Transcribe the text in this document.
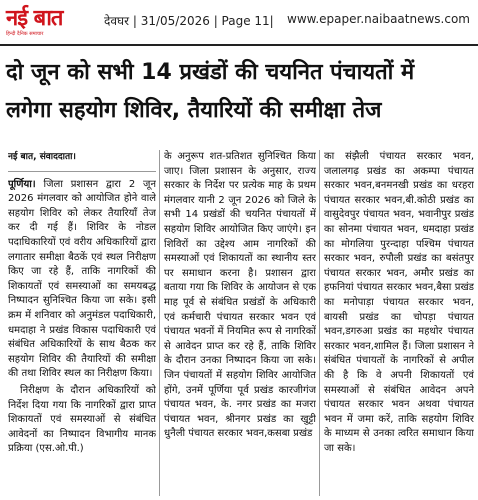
नई बात
हिन्दी दैनिक समाचार
देवघर | 31/05/2026 | Page 11| www.epaper.naibaatnews.com
दो जून को सभी 14 प्रखंडों की चयनित पंचायतों में
लगेगा सहयोग शिविर, तैयारियों की समीक्षा तेज
नई बात, संवाददाता।

पूर्णिया। जिला प्रशासन द्वारा 2 जून 2026 मंगलवार को आयोजित होने वाले सहयोग शिविर को लेकर तैयारियाँ तेज कर दी गई हैं। शिविर के नोडल पदाधिकारियों एवं वरीय अधिकारियों द्वारा लगातार समीक्षा बैठकें एवं स्थल निरीक्षण किए जा रहे हैं, ताकि नागरिकों की शिकायतों एवं समस्याओं का समयबद्ध निष्पादन सुनिश्चित किया जा सके। इसी क्रम में शनिवार को अनुमंडल पदाधिकारी, धमदाहा ने प्रखंड विकास पदाधिकारी एवं संबंधित अधिकारियों के साथ बैठक कर सहयोग शिविर की तैयारियों की समीक्षा की तथा शिविर स्थल का निरीक्षण किया।

निरीक्षण के दौरान अधिकारियों को निर्देश दिया गया कि नागरिकों द्वारा प्राप्त शिकायतों एवं समस्याओं से संबंधित आवेदनों का निष्पादन विभागीय मानक प्रक्रिया (एस.ओ.पी.)

के अनुरूप शत-प्रतिशत सुनिश्चित किया जाए। जिला प्रशासन के अनुसार, राज्य सरकार के निर्देश पर प्रत्येक माह के प्रथम मंगलवार यानी 2 जून 2026 को जिले के सभी 14 प्रखंडों की चयनित पंचायतों में सहयोग शिविर आयोजित किए जाएंगे। इन शिविरों का उद्देश्य आम नागरिकों की समस्याओं एवं शिकायतों का स्थानीय स्तर पर समाधान करना है। प्रशासन द्वारा बताया गया कि शिविर के आयोजन से एक माह पूर्व से संबंधित प्रखंडों के अधिकारी एवं कर्मचारी पंचायत सरकार भवन एवं पंचायत भवनों में नियमित रूप से नागरिकों से आवेदन प्राप्त कर रहे हैं, ताकि शिविर के दौरान उनका निष्पादन किया जा सके। जिन पंचायतों में सहयोग शिविर आयोजित होंगे, उनमें पूर्णिया पूर्व प्रखंड कारजीगंज पंचायत भवन, के. नगर प्रखंड का मजरा पंचायत भवन, श्रीनगर प्रखंड का खुट्टी धुनैली पंचायत सरकार भवन,कसबा प्रखंड

का संझैली पंचायत सरकार भवन, जलालगढ़ प्रखंड का अकम्पा पंचायत सरकार भवन,बनमनखी प्रखंड का धरहरा पंचायत सरकार भवन,बी.कोठी प्रखंड का वासुदेवपुर पंचायत भवन, भवानीपुर प्रखंड का सोनमा पंचायत भवन, धमदाहा प्रखंड का मोगलिया पुरन्दाहा पश्चिम पंचायत सरकार भवन, रुपौली प्रखंड का बसंतपुर पंचायत सरकार भवन, अमौर प्रखंड का हफनियां पंचायत सरकार भवन,बैसा प्रखंड का मनोपाड़ा पंचायत सरकार भवन, बायसी प्रखंड का चोपड़ा पंचायत भवन,डगरुआ प्रखंड का महथोर पंचायत सरकार भवन,शामिल हैं। जिला प्रशासन ने संबंधित पंचायतों के नागरिकों से अपील की है कि वे अपनी शिकायतों एवं समस्याओं से संबंधित आवेदन अपने पंचायत सरकार भवन अथवा पंचायत भवन में जमा करें, ताकि सहयोग शिविर के माध्यम से उनका त्वरित समाधान किया जा सके।
